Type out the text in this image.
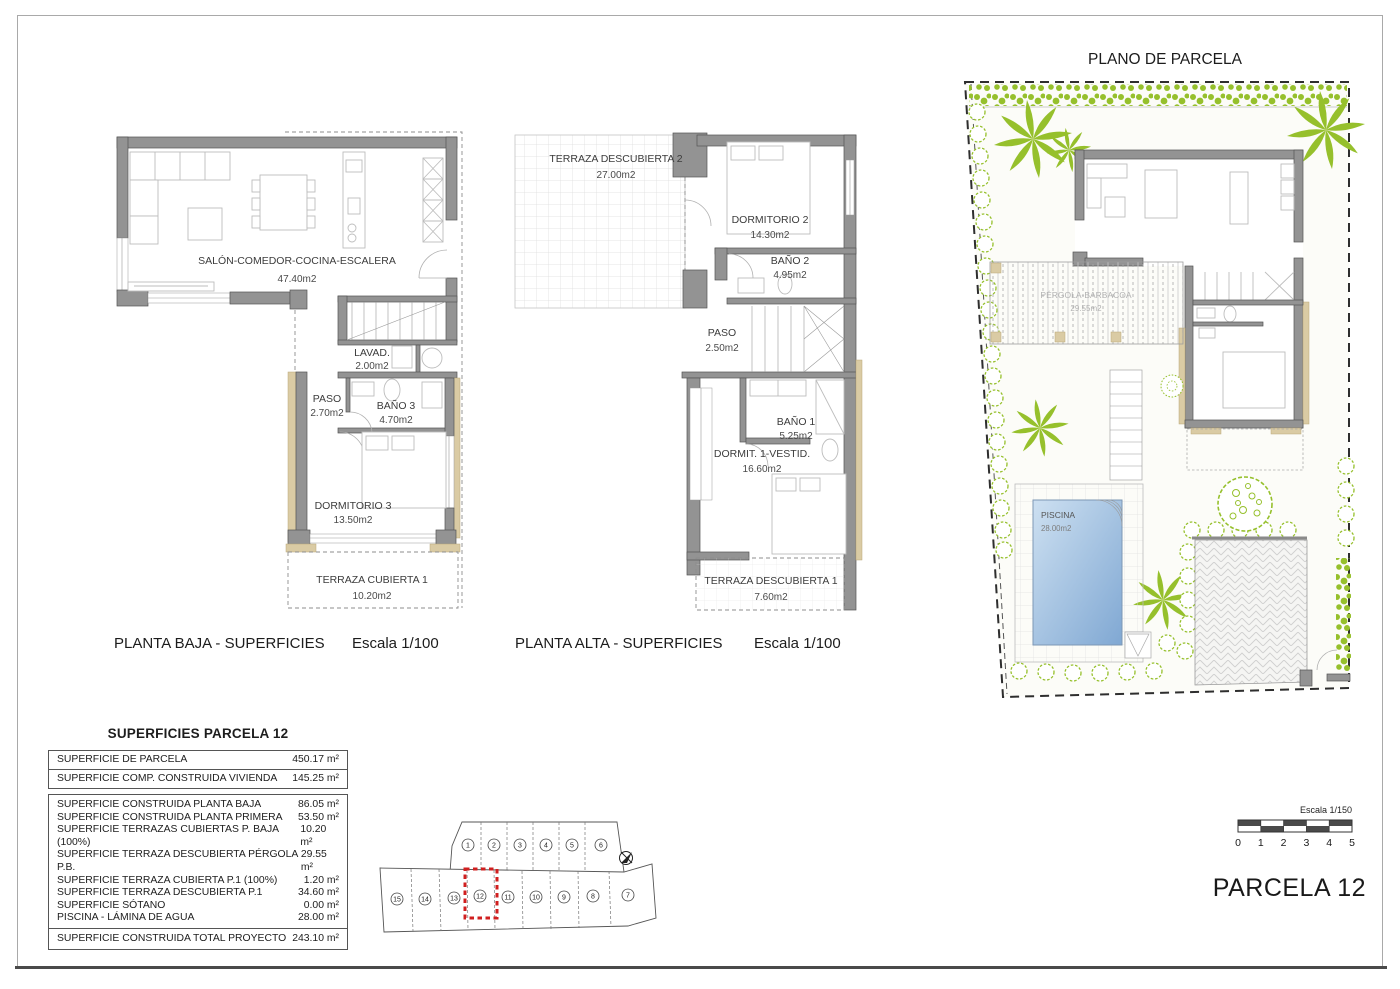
SALÓN-COMEDOR-COCINA-ESCALERA
47.40m2
LAVAD.
2.00m2
PASO
2.70m2
BAÑO 3
4.70m2
DORMITORIO 3
13.50m2
TERRAZA CUBIERTA 1
10.20m2
TERRAZA DESCUBIERTA 2
27.00m2
DORMITORIO 2
14.30m2
BAÑO 2
4.95m2
PASO
2.50m2
BAÑO 1
5.25m2
DORMIT. 1-VESTID.
16.60m2
TERRAZA DESCUBIERTA 1
7.60m2
PLANTA BAJA - SUPERFICIES Escala 1/100	PLANTA ALTA - SUPERFICIES Escala 1/100
PLANO DE PARCELA
PÉRGOLA-BARBACOA
29.55m2
PISCINA
28.00m2
SUPERFICIES PARCELA 12
SUPERFICIE DE PARCELA	450.17 m²
SUPERFICIE COMP. CONSTRUIDA VIVIENDA 145.25 m²
SUPERFICIE CONSTRUIDA PLANTA BAJA	86.05 m²
SUPERFICIE CONSTRUIDA PLANTA PRIMERA 53.50 m²
SUPERFICIE TERRAZAS CUBIERTAS P. BAJA (100%)
10.20 m²
SUPERFICIE TERRAZA DESCUBIERTA PÉRGOLA P.B.
29.55 m²
SUPERFICIE TERRAZA CUBIERTA P.1 (100%)	1.20 m²
SUPERFICIE TERRAZA DESCUBIERTA P.1	34.60 m²
SUPERFICIE SÓTANO	0.00 m²
PISCINA - LÁMINA DE AGUA	28.00 m²
SUPERFICIE CONSTRUIDA TOTAL PROYECTO 243.10 m²
1	2	3	4	5	6
15	14	13	12	11	10	9	8	7
Escala 1/150
0 1 2 3 4 5
PARCELA 12
